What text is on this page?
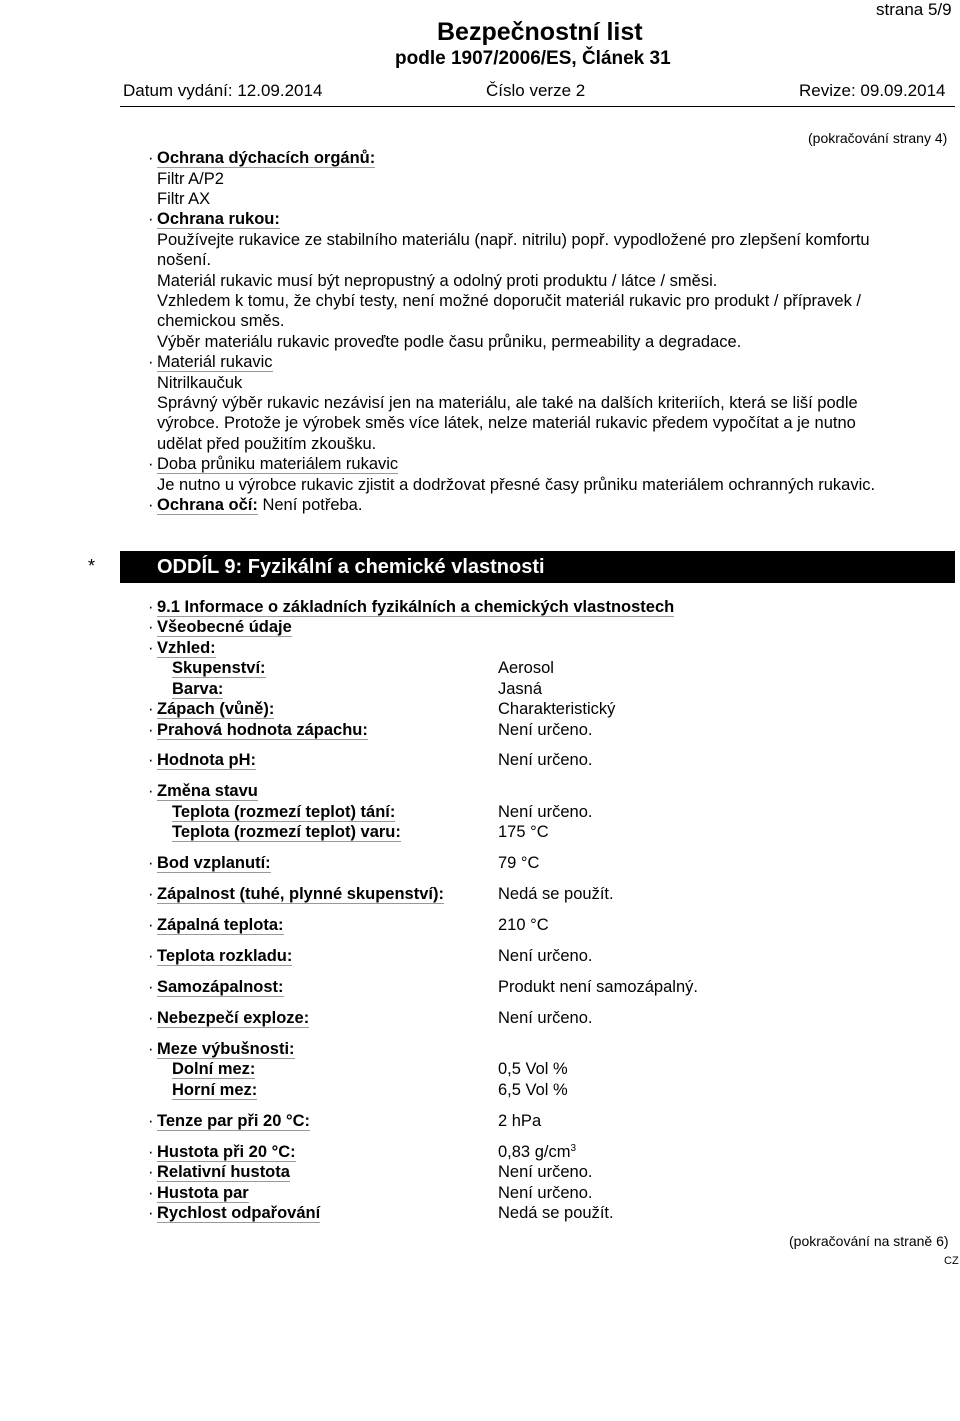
strana 5/9
Bezpečnostní list
podle 1907/2006/ES, Článek 31
Datum vydání: 12.09.2014	Číslo verze 2	Revize: 09.09.2014
(pokračování strany 4)
· Ochrana dýchacích orgánů:
Filtr A/P2
Filtr AX
· Ochrana rukou:
Používejte rukavice ze stabilního materiálu (např. nitrilu) popř. vypodložené pro zlepšení komfortu
nošení.
Materiál rukavic musí být nepropustný a odolný proti produktu / látce / směsi.
Vzhledem k tomu, že chybí testy, není možné doporučit materiál rukavic pro produkt / přípravek /
chemickou směs.
Výběr materiálu rukavic proveďte podle času průniku, permeability a degradace.
· Materiál rukavic
Nitrilkaučuk
Správný výběr rukavic nezávisí jen na materiálu, ale také na dalších kriteriích, která se liší podle
výrobce. Protože je výrobek směs více látek, nelze materiál rukavic předem vypočítat a je nutno
udělat před použitím zkoušku.
· Doba průniku materiálem rukavic
Je nutno u výrobce rukavic zjistit a dodržovat přesné časy průniku materiálem ochranných rukavic.
· Ochrana očí: Není potřeba.
*	ODDÍL 9: Fyzikální a chemické vlastnosti
· 9.1 Informace o základních fyzikálních a chemických vlastnostech
· Všeobecné údaje
· Vzhled:
Skupenství:	Aerosol
Barva:	Jasná
· Zápach (vůně):	Charakteristický
· Prahová hodnota zápachu:	Není určeno.
· Hodnota pH:	Není určeno.
· Změna stavu
Teplota (rozmezí teplot) tání:	Není určeno.
Teplota (rozmezí teplot) varu:	175 °C
· Bod vzplanutí:	79 °C
· Zápalnost (tuhé, plynné skupenství):	Nedá se použít.
· Zápalná teplota:	210 °C
· Teplota rozkladu:	Není určeno.
· Samozápalnost:	Produkt není samozápalný.
· Nebezpečí exploze:	Není určeno.
· Meze výbušnosti:
Dolní mez:	0,5 Vol %
Horní mez:	6,5 Vol %
· Tenze par při 20 °C:	2 hPa
· Hustota při 20 °C:	0,83 $g/cm^3$
· Relativní hustota	Není určeno.
· Hustota par	Není určeno.
· Rychlost odpařování	Nedá se použít.
(pokračování na straně 6)
CZ
